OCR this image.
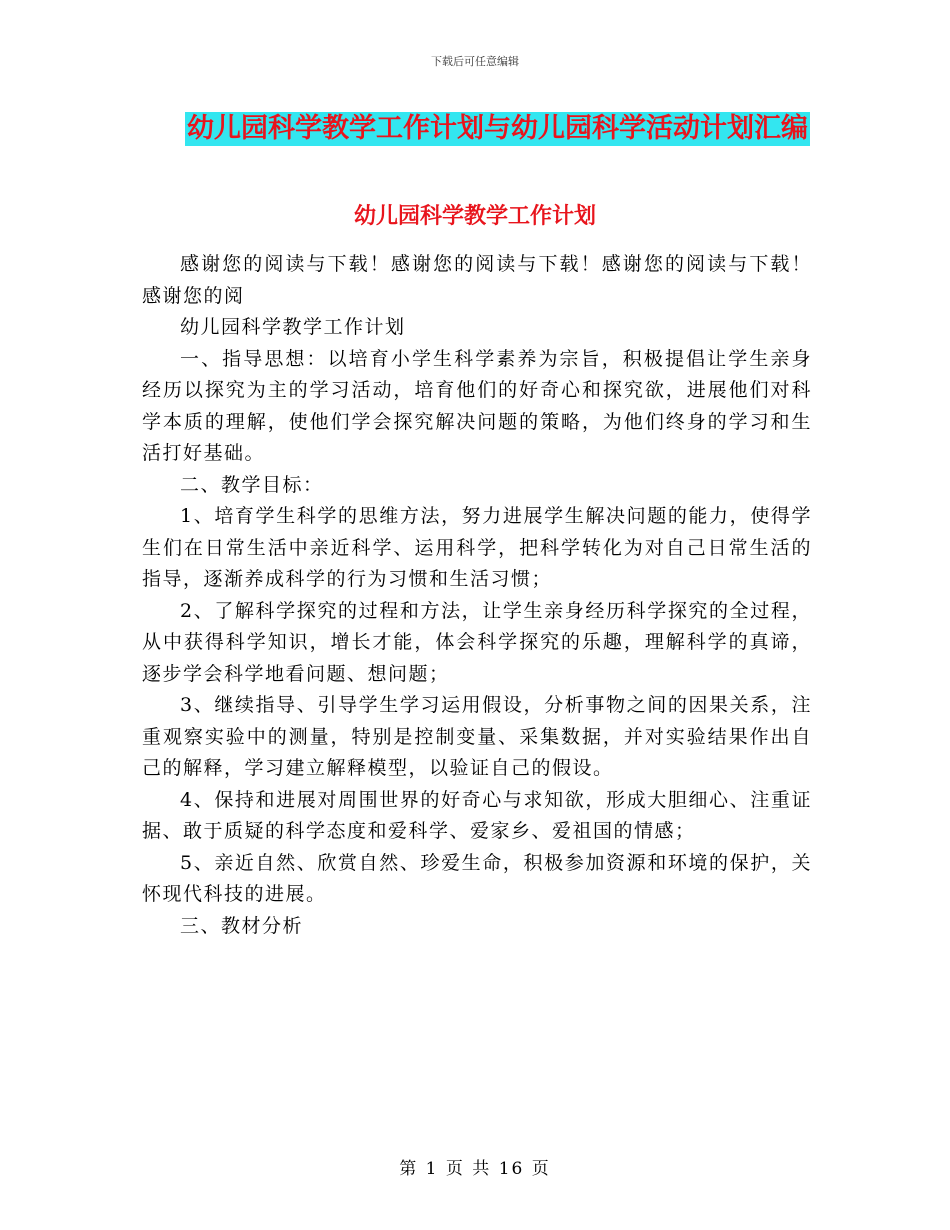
下载后可任意编辑
幼儿园科学教学工作计划与幼儿园科学活动计划汇编
幼儿园科学教学工作计划

感谢您的阅读与下载！感谢您的阅读与下载！感谢您的阅读与下载！感谢您的阅

幼儿园科学教学工作计划

一、指导思想：以培育小学生科学素养为宗旨，积极提倡让学生亲身经历以探究为主的学习活动，培育他们的好奇心和探究欲，进展他们对科学本质的理解，使他们学会探究解决问题的策略，为他们终身的学习和生活打好基础。

二、教学目标：

1、培育学生科学的思维方法，努力进展学生解决问题的能力，使得学生们在日常生活中亲近科学、运用科学，把科学转化为对自己日常生活的指导，逐渐养成科学的行为习惯和生活习惯；

2、了解科学探究的过程和方法，让学生亲身经历科学探究的全过程，从中获得科学知识，增长才能，体会科学探究的乐趣，理解科学的真谛，逐步学会科学地看问题、想问题；

3、继续指导、引导学生学习运用假设，分析事物之间的因果关系，注重观察实验中的测量，特别是控制变量、采集数据，并对实验结果作出自己的解释，学习建立解释模型，以验证自己的假设。

4、保持和进展对周围世界的好奇心与求知欲，形成大胆细心、注重证据、敢于质疑的科学态度和爱科学、爱家乡、爱祖国的情感；

5、亲近自然、欣赏自然、珍爱生命，积极参加资源和环境的保护，关怀现代科技的进展。

三、教材分析

第 1 页 共 16 页
